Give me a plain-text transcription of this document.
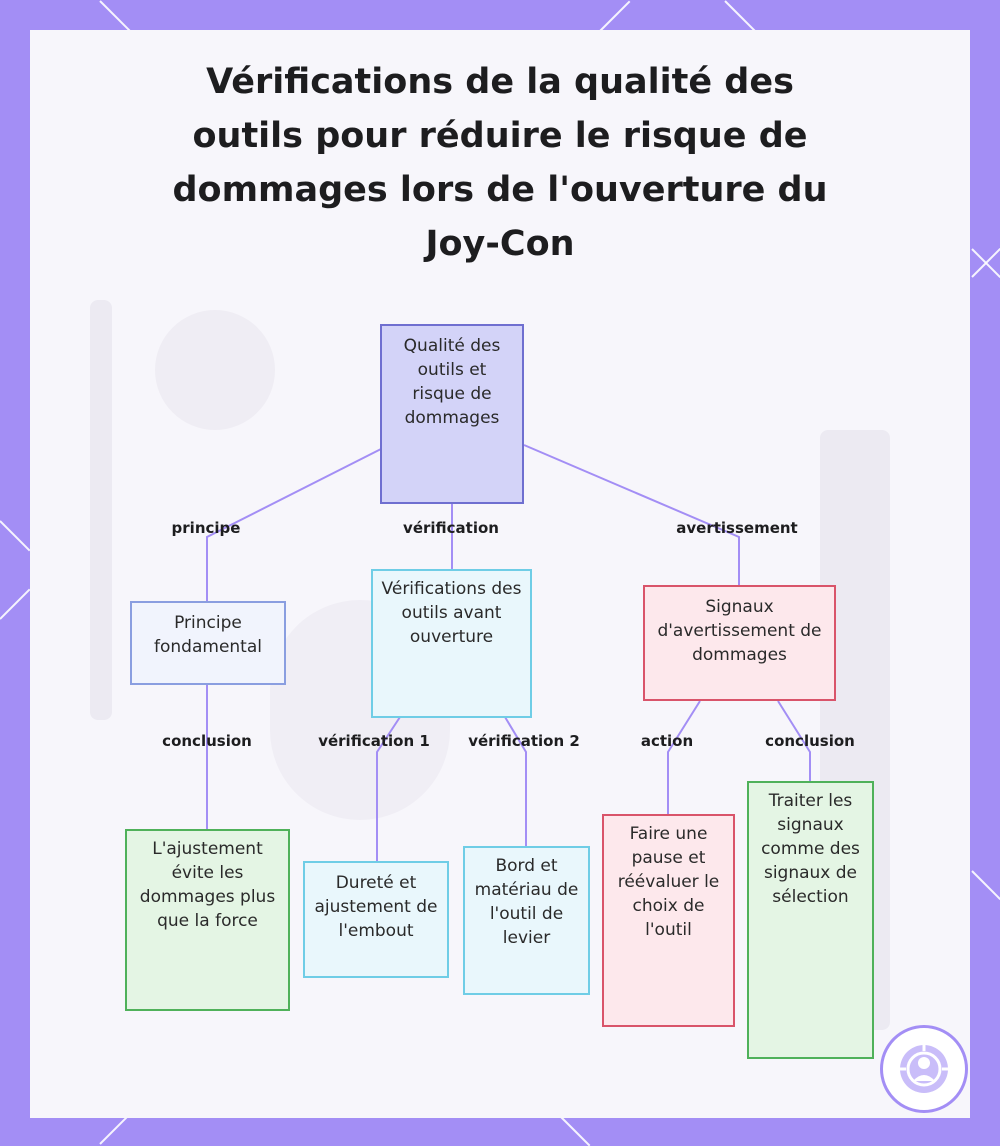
Vérifications de la qualité des outils pour réduire le risque de dommages lors de l'ouverture du Joy-Con
principe	vérification	avertissement
conclusion	vérification 1	vérification 2	action	conclusion
Qualité des outils et risque de dommages
Principe fondamental
Vérifications des outils avant ouverture
Signaux d'avertissement de dommages
L'ajustement évite les dommages plus que la force
Dureté et ajustement de l'embout
Bord et matériau de l'outil de levier
Faire une pause et réévaluer le choix de l'outil
Traiter les signaux comme des signaux de sélection
